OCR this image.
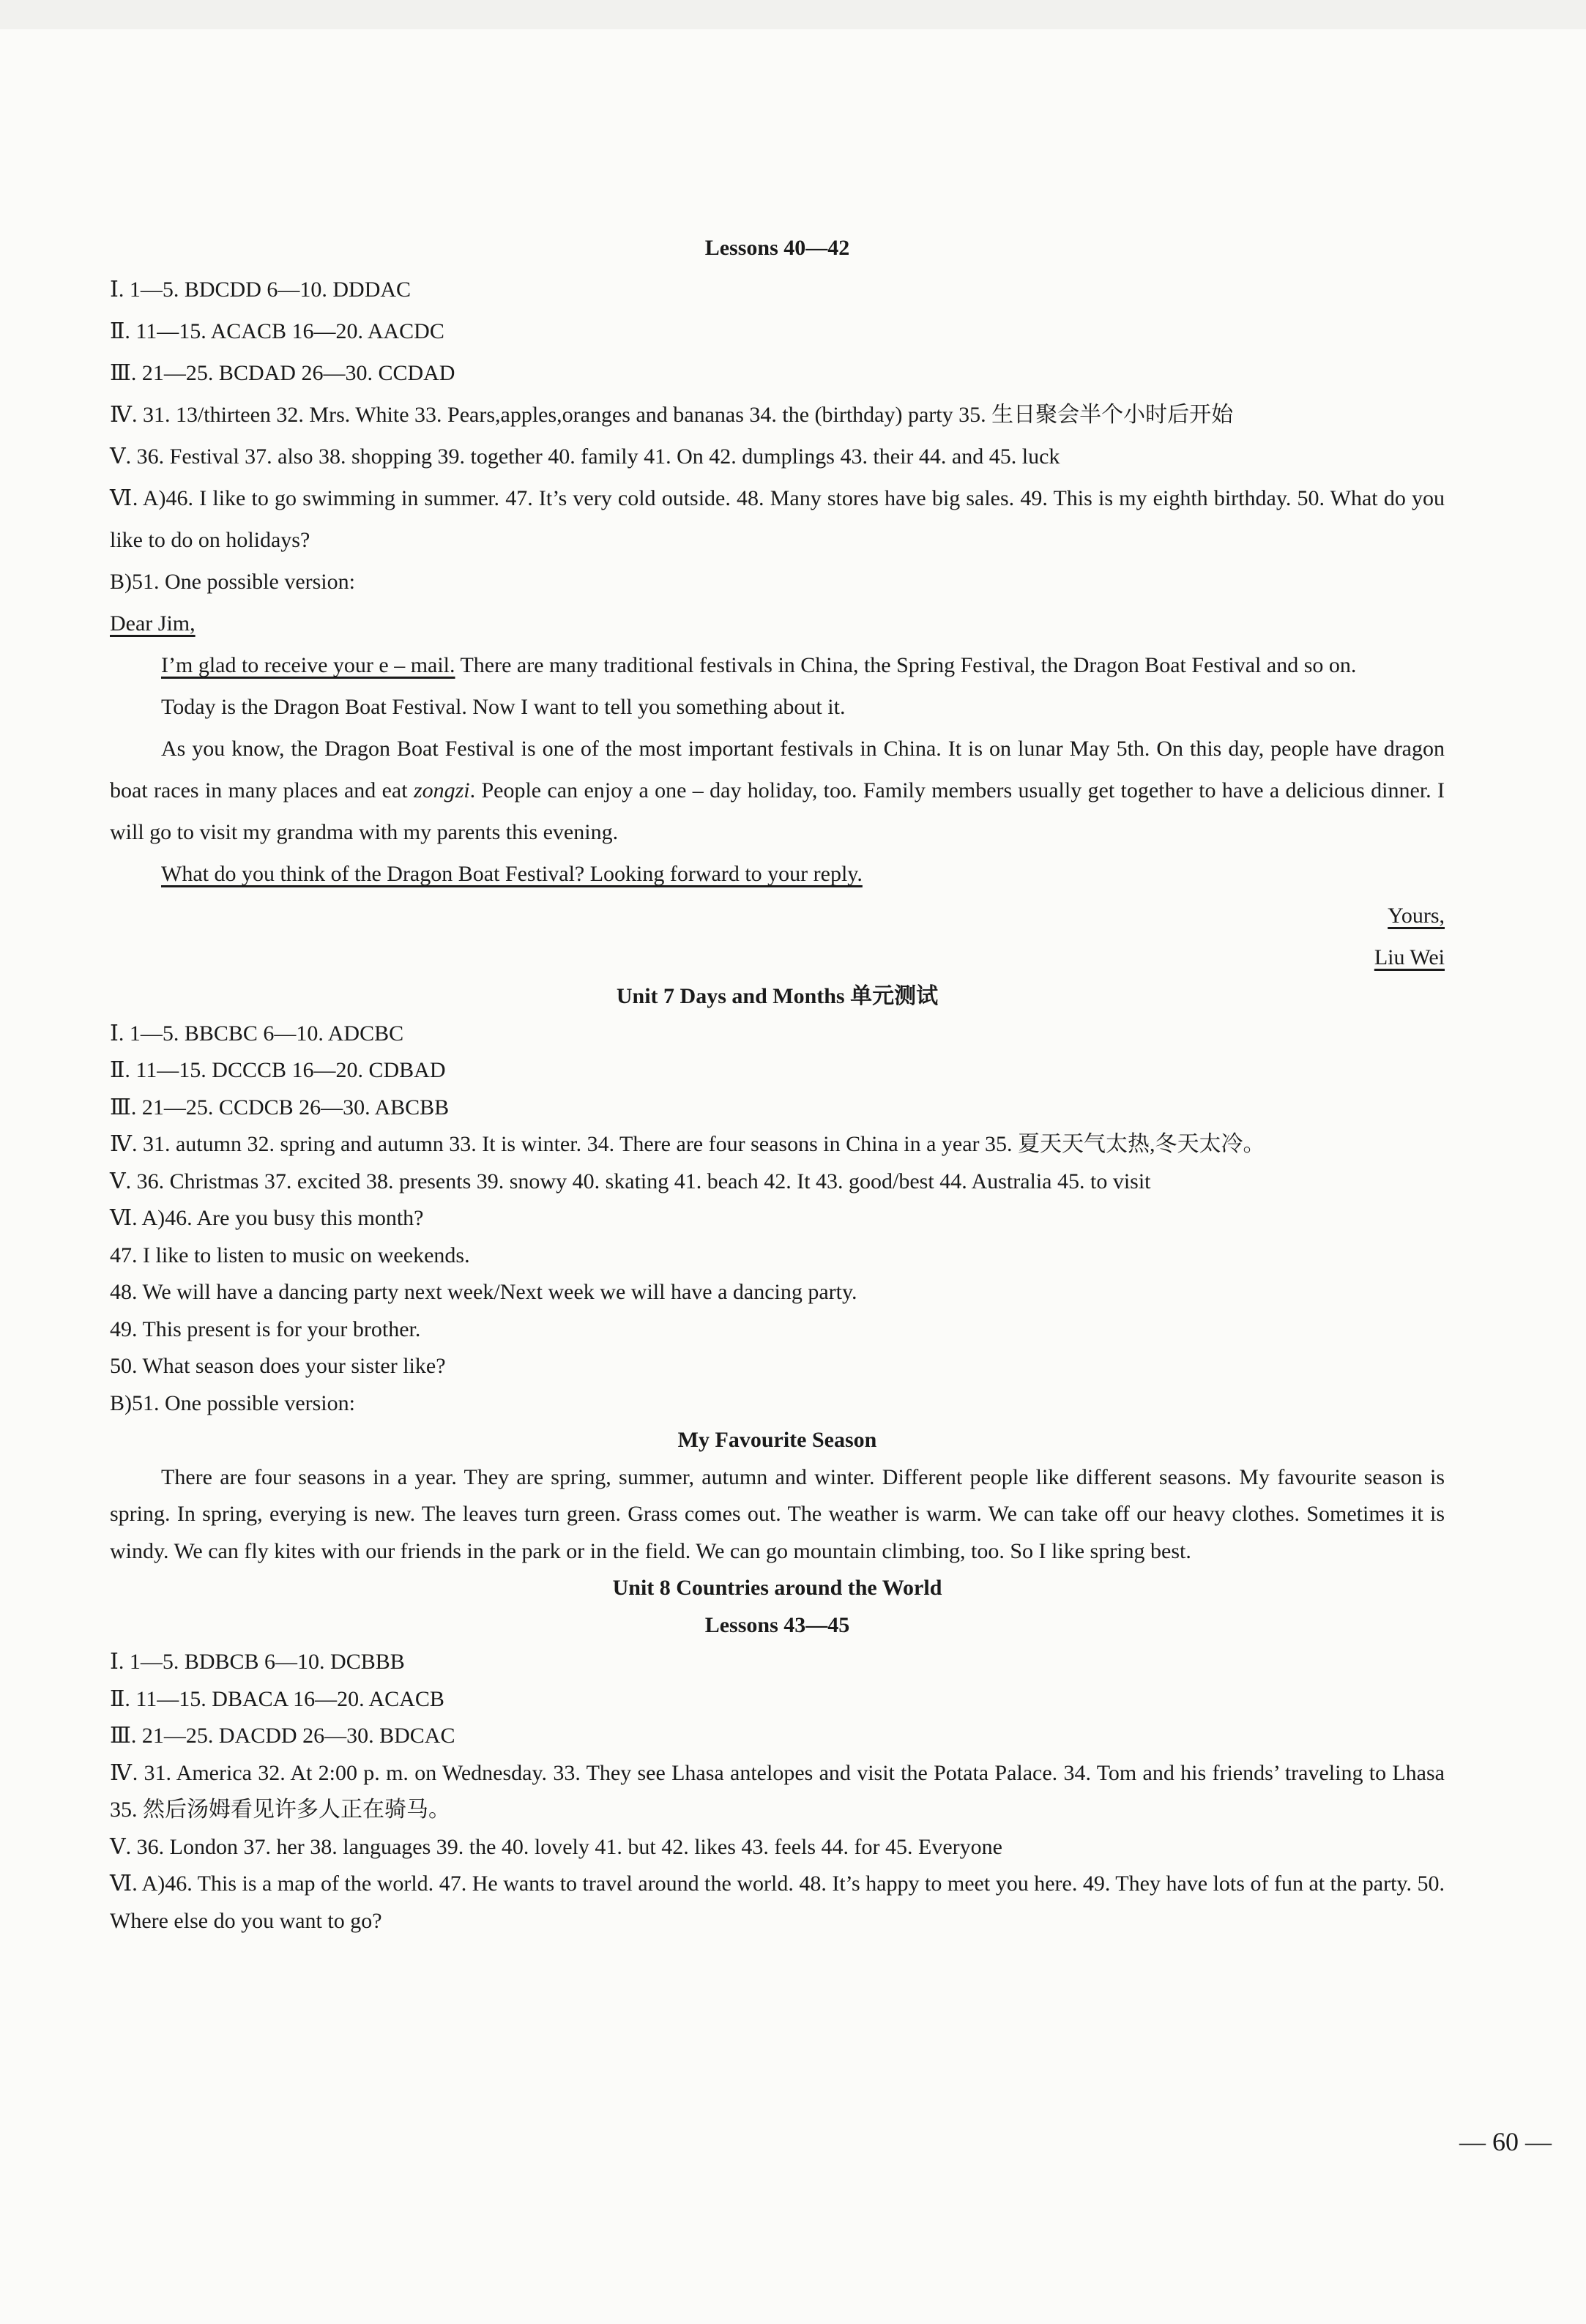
Lessons 40—42

Ⅰ. 1—5. BDCDD 6—10. DDDAC

Ⅱ. 11—15. ACACB 16—20. AACDC

Ⅲ. 21—25. BCDAD 26—30. CCDAD

Ⅳ. 31. 13/thirteen 32. Mrs. White 33. Pears,apples,oranges and bananas 34. the (birthday) party 35. 生日聚会半个小时后开始

Ⅴ. 36. Festival 37. also 38. shopping 39. together 40. family 41. On 42. dumplings 43. their 44. and 45. luck

Ⅵ. A)46. I like to go swimming in summer. 47. It’s very cold outside. 48. Many stores have big sales. 49. This is my eighth birthday. 50. What do you like to do on holidays?

B)51. One possible version:

Dear Jim,

I’m glad to receive your e – mail. There are many traditional festivals in China, the Spring Festival, the Dragon Boat Festival and so on.

Today is the Dragon Boat Festival. Now I want to tell you something about it.

As you know, the Dragon Boat Festival is one of the most important festivals in China. It is on lunar May 5th. On this day, people have dragon boat races in many places and eat zongzi. People can enjoy a one – day holiday, too. Family members usually get together to have a delicious dinner. I will go to visit my grandma with my parents this evening.

What do you think of the Dragon Boat Festival? Looking forward to your reply.

Yours,

Liu Wei

Unit 7 Days and Months 单元测试

Ⅰ. 1—5. BBCBC 6—10. ADCBC

Ⅱ. 11—15. DCCCB 16—20. CDBAD

Ⅲ. 21—25. CCDCB 26—30. ABCBB

Ⅳ. 31. autumn 32. spring and autumn 33. It is winter. 34. There are four seasons in China in a year 35. 夏天天气太热,冬天太冷。

Ⅴ. 36. Christmas 37. excited 38. presents 39. snowy 40. skating 41. beach 42. It 43. good/best 44. Australia 45. to visit

Ⅵ. A)46. Are you busy this month?

47. I like to listen to music on weekends.

48. We will have a dancing party next week/Next week we will have a dancing party.

49. This present is for your brother.

50. What season does your sister like?

B)51. One possible version:

My Favourite Season

There are four seasons in a year. They are spring, summer, autumn and winter. Different people like different seasons. My favourite season is spring. In spring, everying is new. The leaves turn green. Grass comes out. The weather is warm. We can take off our heavy clothes. Sometimes it is windy. We can fly kites with our friends in the park or in the field. We can go mountain climbing, too. So I like spring best.

Unit 8 Countries around the World

Lessons 43—45

Ⅰ. 1—5. BDBCB 6—10. DCBBB

Ⅱ. 11—15. DBACA 16—20. ACACB

Ⅲ. 21—25. DACDD 26—30. BDCAC

Ⅳ. 31. America 32. At 2:00 p. m. on Wednesday. 33. They see Lhasa antelopes and visit the Potata Palace. 34. Tom and his friends’ traveling to Lhasa 35. 然后汤姆看见许多人正在骑马。

Ⅴ. 36. London 37. her 38. languages 39. the 40. lovely 41. but 42. likes 43. feels 44. for 45. Everyone

Ⅵ. A)46. This is a map of the world. 47. He wants to travel around the world. 48. It’s happy to meet you here. 49. They have lots of fun at the party. 50. Where else do you want to go?

— 60 —
